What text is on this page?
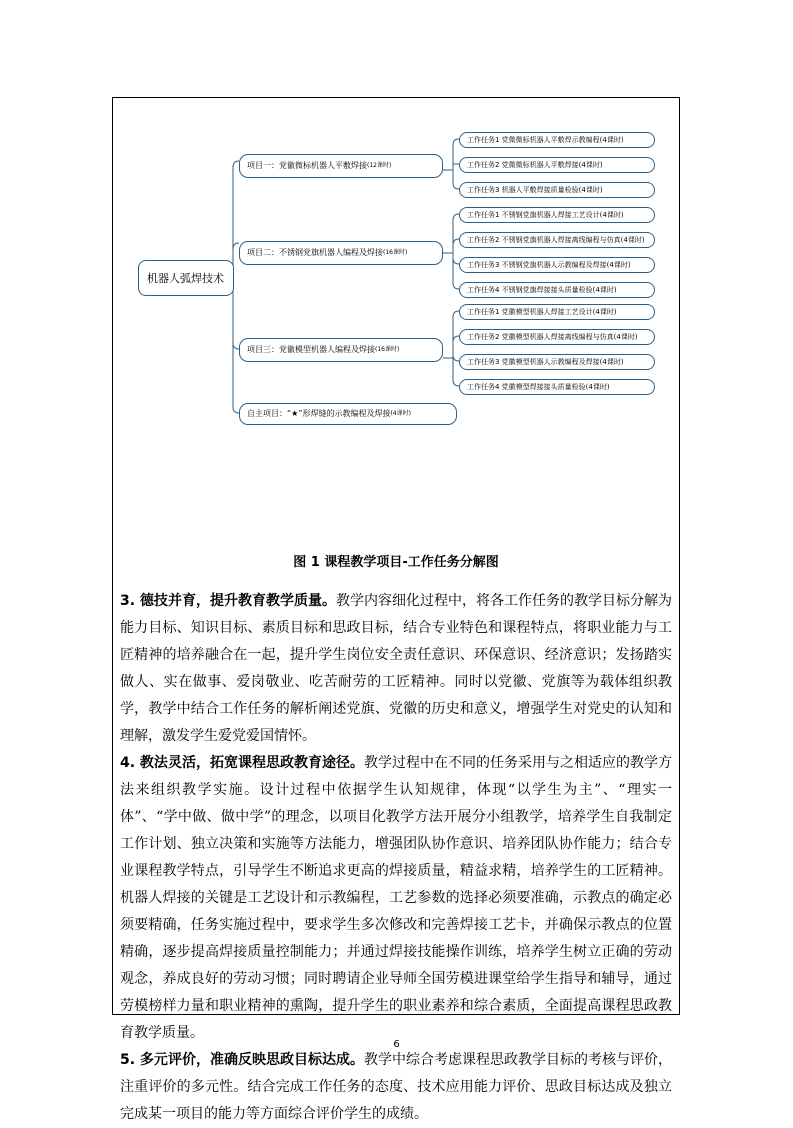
机器人弧焊技术
项目一：党徽微标机器人平敷焊接 (12课时)
工作任务1 党微微标机器人平敷焊示教编程(4课时)
工作任务2 党微微标机器人平敷焊接(4课时)
工作任务3 机器人平敷焊接质量检验(4课时)
项目二：不锈钢党旗机器人编程及焊接 (16课时)
工作任务1 不锈钢党旗机器人焊接工艺设计(4课时)
工作任务2 不锈钢党旗机器人焊接离线编程与仿真(4课时)
工作任务3 不锈钢党旗机器人示教编程及焊接(4课时)
工作任务4 不锈钢党旗焊接接头质量检验(4课时)
项目三：党徽模型机器人编程及焊接 (16课时)
工作任务1 党徽模型机器人焊接工艺设计(4课时)
工作任务2 党徽模型机器人焊接离线编程与仿真(4课时)
工作任务3 党徽模型机器人示教编程及焊接(4课时)
工作任务4 党徽模型焊接接头质量检验(4课时)
自主项目：“★”形焊缝的示教编程及焊接 (4课时)
图 1 课程教学项目-工作任务分解图

3. 德技并育，提升教育教学质量。教学内容细化过程中，将各工作任务的教学目标分解为能力目标、知识目标、素质目标和思政目标，结合专业特色和课程特点，将职业能力与工匠精神的培养融合在一起，提升学生岗位安全责任意识、环保意识、经济意识；发扬踏实做人、实在做事、爱岗敬业、吃苦耐劳的工匠精神。同时以党徽、党旗等为载体组织教学，教学中结合工作任务的解析阐述党旗、党徽的历史和意义，增强学生对党史的认知和理解，激发学生爱党爱国情怀。

4. 教法灵活，拓宽课程思政教育途径。教学过程中在不同的任务采用与之相适应的教学方法来组织教学实施。设计过程中依据学生认知规律，体现“以学生为主”、“理实一体”、“学中做、做中学”的理念，以项目化教学方法开展分小组教学，培养学生自我制定工作计划、独立决策和实施等方法能力，增强团队协作意识、培养团队协作能力；结合专业课程教学特点，引导学生不断追求更高的焊接质量，精益求精，培养学生的工匠精神。机器人焊接的关键是工艺设计和示教编程，工艺参数的选择必须要准确，示教点的确定必须要精确，任务实施过程中，要求学生多次修改和完善焊接工艺卡，并确保示教点的位置精确，逐步提高焊接质量控制能力；并通过焊接技能操作训练，培养学生树立正确的劳动观念，养成良好的劳动习惯；同时聘请企业导师全国劳模进课堂给学生指导和辅导，通过劳模榜样力量和职业精神的熏陶，提升学生的职业素养和综合素质，全面提高课程思政教育教学质量。

5. 多元评价，准确反映思政目标达成。教学中综合考虑课程思政教学目标的考核与评价，注重评价的多元性。结合完成工作任务的态度、技术应用能力评价、思政目标达成及独立完成某一项目的能力等方面综合评价学生的成绩。

6
